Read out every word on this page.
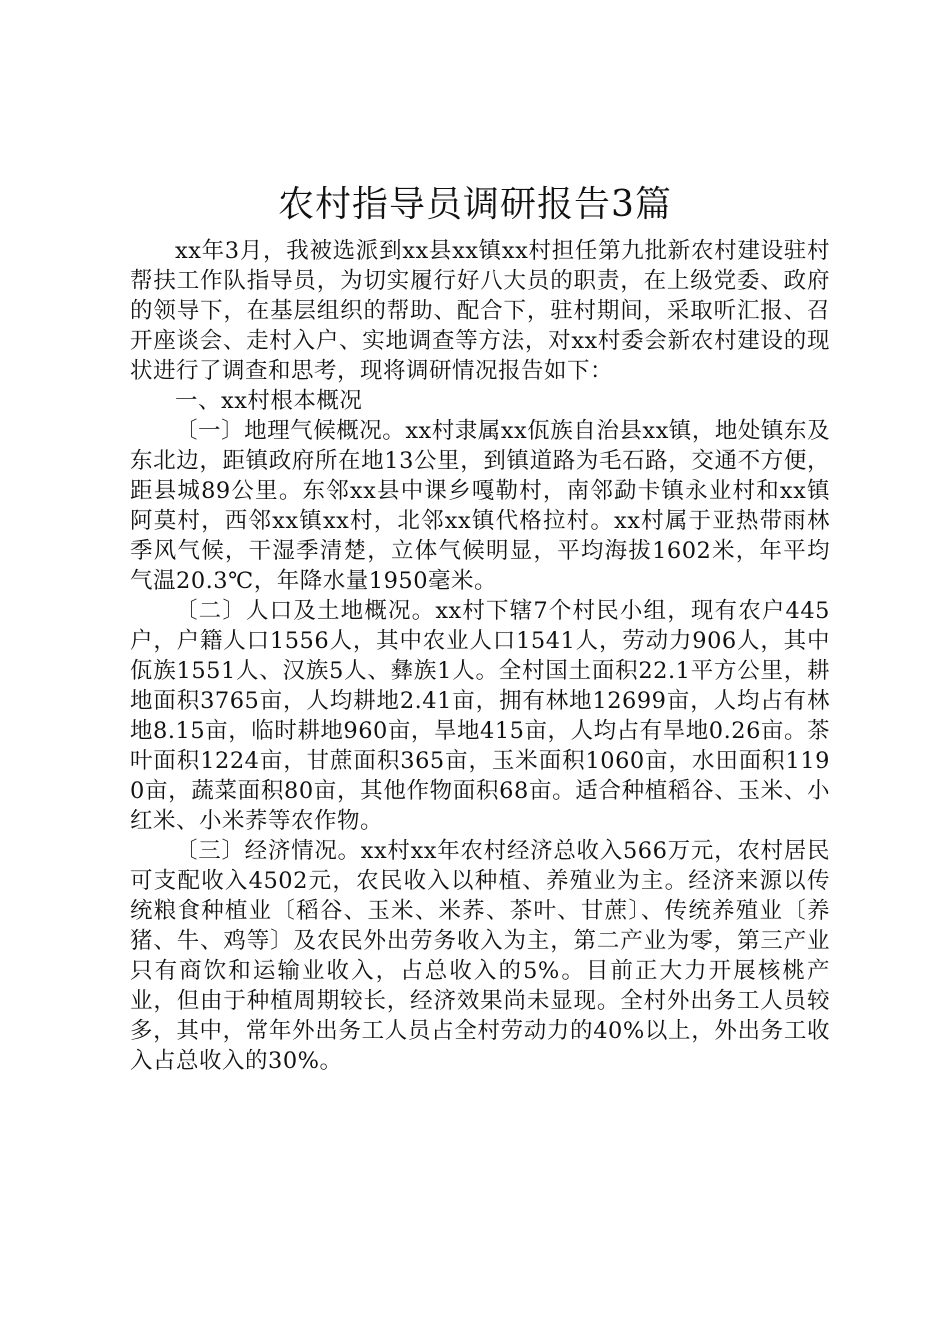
农村指导员调研报告3篇

xx年3月，我被选派到xx县xx镇xx村担任第九批新农村建设驻村帮扶工作队指导员，为切实履行好八大员的职责，在上级党委、政府的领导下，在基层组织的帮助、配合下，驻村期间，采取听汇报、召开座谈会、走村入户、实地调查等方法，对xx村委会新农村建设的现状进行了调查和思考，现将调研情况报告如下：

一、xx村根本概况

〔一〕地理气候概况。xx村隶属xx佤族自治县xx镇，地处镇东及东北边，距镇政府所在地13公里，到镇道路为毛石路，交通不方便，距县城89公里。东邻xx县中课乡嘎勒村，南邻勐卡镇永业村和xx镇阿莫村，西邻xx镇xx村，北邻xx镇代格拉村。xx村属于亚热带雨林季风气候，干湿季清楚，立体气候明显，平均海拔1602米，年平均气温20.3℃，年降水量1950毫米。

〔二〕人口及土地概况。xx村下辖7个村民小组，现有农户445户，户籍人口1556人，其中农业人口1541人，劳动力906人，其中佤族1551人、汉族5人、彝族1人。全村国土面积22.1平方公里，耕地面积3765亩，人均耕地2.41亩，拥有林地12699亩，人均占有林地8.15亩，临时耕地960亩，旱地415亩，人均占有旱地0.26亩。茶叶面积1224亩，甘蔗面积365亩，玉米面积1060亩，水田面积1190亩，蔬菜面积80亩，其他作物面积68亩。适合种植稻谷、玉米、小红米、小米荞等农作物。

〔三〕经济情况。xx村xx年农村经济总收入566万元，农村居民可支配收入4502元，农民收入以种植、养殖业为主。经济来源以传统粮食种植业〔稻谷、玉米、米荞、茶叶、甘蔗〕、传统养殖业〔养猪、牛、鸡等〕及农民外出劳务收入为主，第二产业为零，第三产业只有商饮和运输业收入，占总收入的5%。目前正大力开展核桃产业，但由于种植周期较长，经济效果尚未显现。全村外出务工人员较多，其中，常年外出务工人员占全村劳动力的40%以上，外出务工收入占总收入的30%。
